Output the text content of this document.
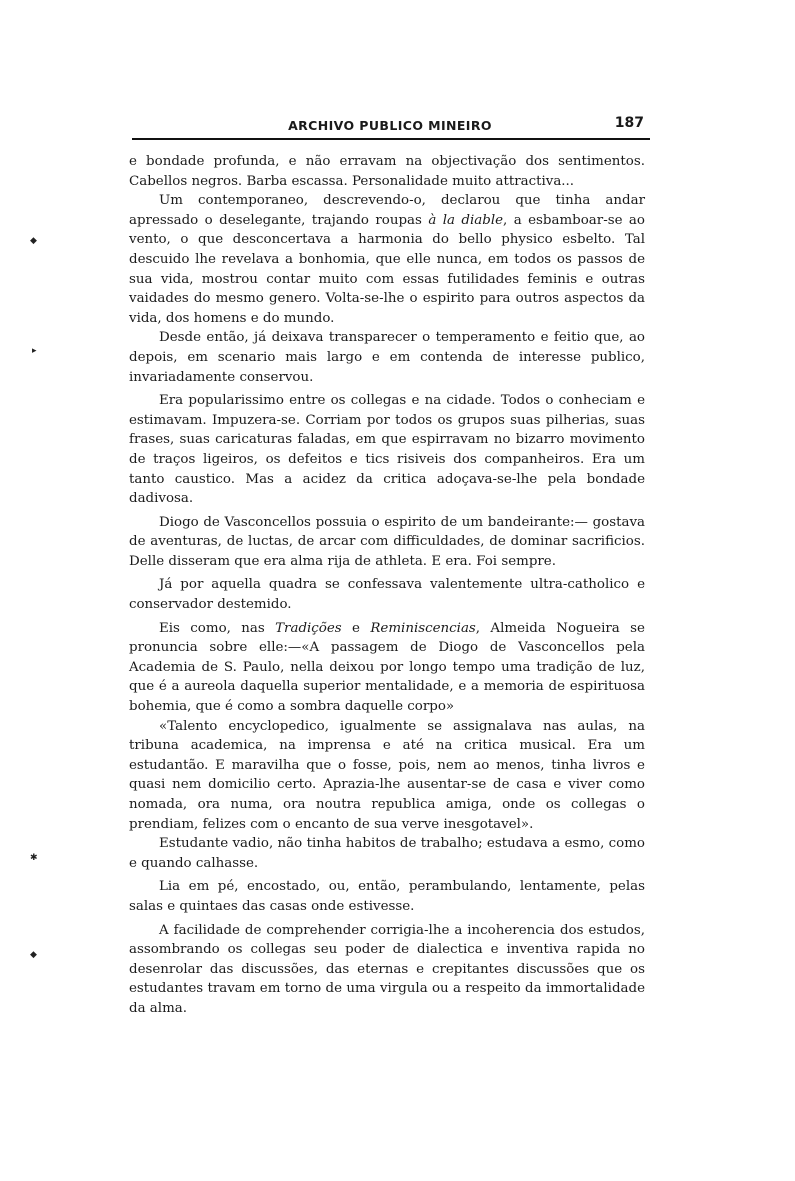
ARCHIVO PUBLICO MINEIRO	187
◆
▸
✱
◆

e bondade profunda, e não erravam na objectivação dos sentimentos. Cabellos negros. Barba escassa. Personalidade muito attractiva...

Um contemporaneo, descrevendo-o, declarou que tinha andar apressado o deselegante, trajando roupas à la diable, a esbamboar-se ao vento, o que desconcertava a harmonia do bello physico esbelto. Tal descuido lhe revelava a bonhomia, que elle nunca, em todos os passos de sua vida, mostrou contar muito com essas futilidades feminis e outras vaidades do mesmo genero. Volta-se-lhe o espirito para outros aspectos da vida, dos homens e do mundo.

Desde então, já deixava transparecer o temperamento e feitio que, ao depois, em scenario mais largo e em contenda de interesse publico, invariadamente conservou.

Era popularissimo entre os collegas e na cidade. Todos o conheciam e estimavam. Impuzera-se. Corriam por todos os grupos suas pilherias, suas frases, suas caricaturas faladas, em que espirravam no bizarro movimento de traços ligeiros, os defeitos e tics risiveis dos companheiros. Era um tanto caustico. Mas a acidez da critica adoçava-se-lhe pela bondade dadivosa.

Diogo de Vasconcellos possuia o espirito de um bandeirante:— gostava de aventuras, de luctas, de arcar com difficuldades, de dominar sacrificios. Delle disseram que era alma rija de athleta. E era. Foi sempre.

Já por aquella quadra se confessava valentemente ultra-catholico e conservador destemido.

Eis como, nas Tradições e Reminiscencias, Almeida Nogueira se pronuncia sobre elle:—«A passagem de Diogo de Vasconcellos pela Academia de S. Paulo, nella deixou por longo tempo uma tradição de luz, que é a aureola daquella superior mentalidade, e a memoria de espirituosa bohemia, que é como a sombra daquelle corpo»

«Talento encyclopedico, igualmente se assignalava nas aulas, na tribuna academica, na imprensa e até na critica musical. Era um estudantão. E maravilha que o fosse, pois, nem ao menos, tinha livros e quasi nem domicilio certo. Aprazia-lhe ausentar-se de casa e viver como nomada, ora numa, ora noutra republica amiga, onde os collegas o prendiam, felizes com o encanto de sua verve inesgotavel».

Estudante vadio, não tinha habitos de trabalho; estudava a esmo, como e quando calhasse.

Lia em pé, encostado, ou, então, perambulando, lentamente, pelas salas e quintaes das casas onde estivesse.

A facilidade de comprehender corrigia-lhe a incoherencia dos estudos, assombrando os collegas seu poder de dialectica e inventiva rapida no desenrolar das discussões, das eternas e crepitantes discussões que os estudantes travam em torno de uma virgula ou a respeito da immortalidade da alma.
